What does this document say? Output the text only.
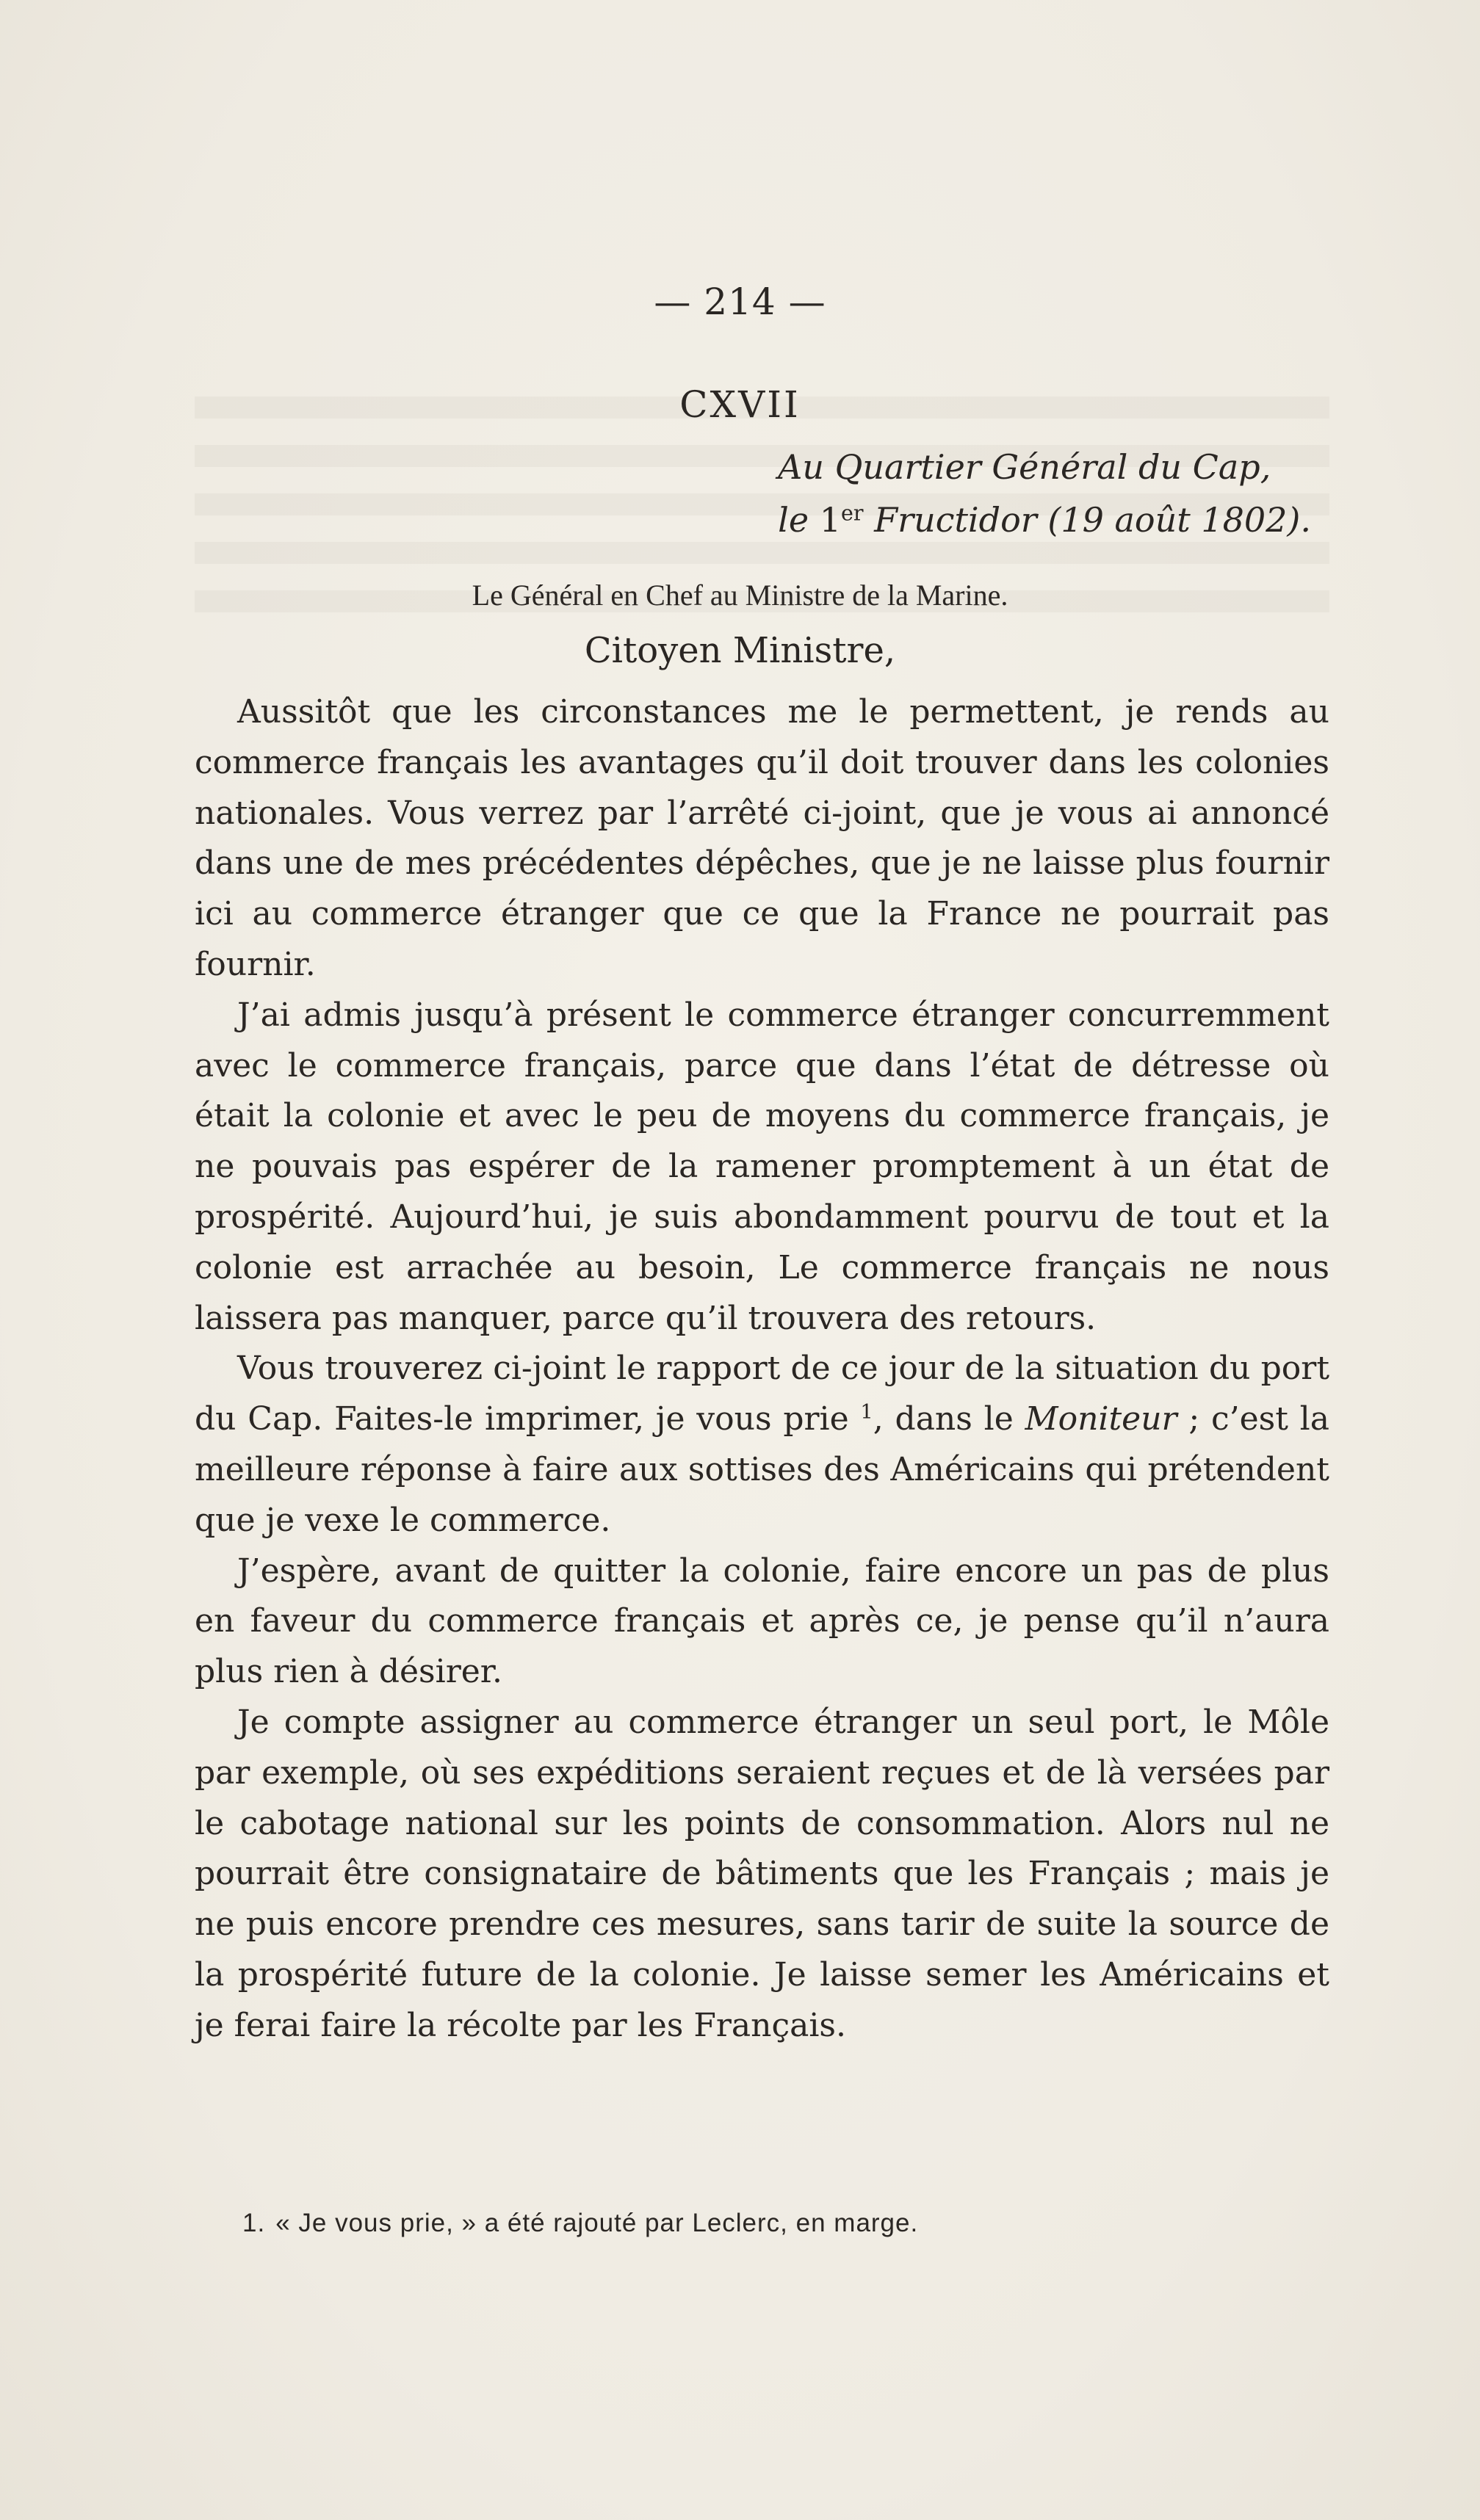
— 214 —
CXVII
Au Quartier Général du Cap,
le 1er Fructidor (19 août 1802).
Le Général en Chef au Ministre de la Marine.
Citoyen Ministre,

Aussitôt que les circonstances me le permettent, je rends au commerce français les avantages qu’il doit trouver dans les colonies nationales. Vous verrez par l’arrêté ci-joint, que je vous ai annoncé dans une de mes précédentes dépêches, que je ne laisse plus fournir ici au commerce étranger que ce que la France ne pourrait pas fournir.

J’ai admis jusqu’à présent le commerce étranger concurremment avec le commerce français, parce que dans l’état de détresse où était la colonie et avec le peu de moyens du commerce français, je ne pouvais pas espérer de la ramener promptement à un état de prospérité. Aujourd’hui, je suis abondamment pourvu de tout et la colonie est arrachée au besoin, Le commerce français ne nous laissera pas manquer, parce qu’il trouvera des retours.

Vous trouverez ci-joint le rapport de ce jour de la situation du port du Cap. Faites-le imprimer, je vous prie $^1$, dans le Moniteur ; c’est la meilleure réponse à faire aux sottises des Américains qui prétendent que je vexe le commerce.

J’espère, avant de quitter la colonie, faire encore un pas de plus en faveur du commerce français et après ce, je pense qu’il n’aura plus rien à désirer.

Je compte assigner au commerce étranger un seul port, le Môle par exemple, où ses expéditions seraient reçues et de là versées par le cabotage national sur les points de consommation. Alors nul ne pourrait être consignataire de bâtiments que les Français ; mais je ne puis encore prendre ces mesures, sans tarir de suite la source de la prospérité future de la colonie. Je laisse semer les Américains et je ferai faire la récolte par les Français.

1. « Je vous prie, » a été rajouté par Leclerc, en marge.
